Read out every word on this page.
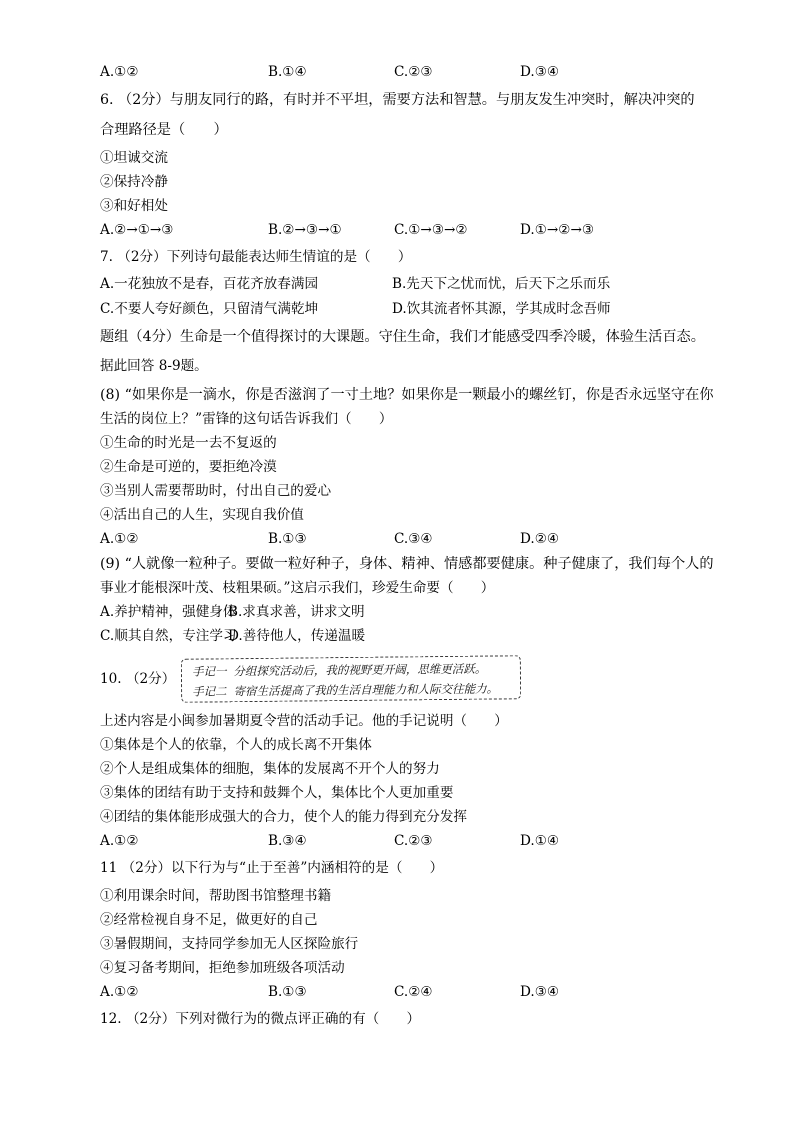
A.①②	B.①④	C.②③	D.③④
6. （2分）与朋友同行的路，有时并不平坦，需要方法和智慧。与朋友发生冲突时，解决冲突的
合理路径是（　　）
①坦诚交流
②保持冷静
③和好相处
A.②→①→③	B.②→③→①	C.①→③→②	D.①→②→③
7. （2分）下列诗句最能表达师生情谊的是（　　）
A.一花独放不是春，百花齐放春满园	B.先天下之忧而忧，后天下之乐而乐
C.不要人夸好颜色，只留清气满乾坤	D.饮其流者怀其源，学其成时念吾师
题组（4分）生命是一个值得探讨的大课题。守住生命，我们才能感受四季冷暖，体验生活百态。
据此回答 8-9题。
(8) “如果你是一滴水，你是否滋润了一寸土地？如果你是一颗最小的螺丝钉，你是否永远坚守在你
生活的岗位上？”雷锋的这句话告诉我们（　　）
①生命的时光是一去不复返的
②生命是可逆的，要拒绝冷漠
③当别人需要帮助时，付出自己的爱心
④活出自己的人生，实现自我价值
A.①②	B.①③	C.③④	D.②④
(9) “人就像一粒种子。要做一粒好种子，身体、精神、情感都要健康。种子健康了，我们每个人的
事业才能根深叶茂、枝粗果硕。”这启示我们，珍爱生命要（　　）
A.养护精神，强健身体
B.求真求善，讲求文明
C.顺其自然，专注学习
D.善待他人，传递温暖
10. （2分）
手记一 分组探究活动后，我的视野更开阔，思维更活跃。
手记二 寄宿生活提高了我的生活自理能力和人际交往能力。
上述内容是小闽参加暑期夏令营的活动手记。他的手记说明（　　）
①集体是个人的依靠，个人的成长离不开集体
②个人是组成集体的细胞，集体的发展离不开个人的努力
③集体的团结有助于支持和鼓舞个人，集体比个人更加重要
④团结的集体能形成强大的合力，使个人的能力得到充分发挥
A.①②	B.③④	C.②③	D.①④
11 （2分）以下行为与“止于至善”内涵相符的是（　　）
①利用课余时间，帮助图书馆整理书籍
②经常检视自身不足，做更好的自己
③暑假期间，支持同学参加无人区探险旅行
④复习备考期间，拒绝参加班级各项活动
A.①②	B.①③	C.②④	D.③④
12. （2分）下列对微行为的微点评正确的有（　　）
